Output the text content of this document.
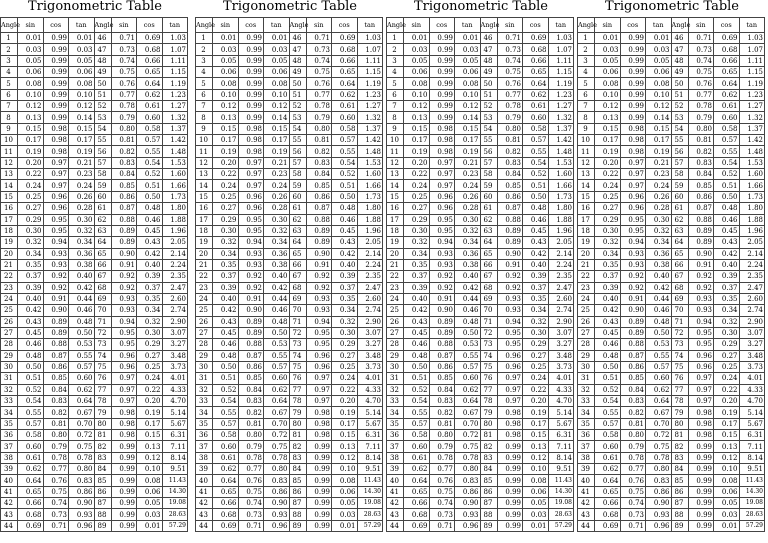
Trigonometric Table
Angle	sin	cos	tan	Angle	sin	cos	tan
1	0.01	0.99	0.01	46	0.71	0.69	1.03
2	0.03	0.99	0.03	47	0.73	0.68	1.07
3	0.05	0.99	0.05	48	0.74	0.66	1.11
4	0.06	0.99	0.06	49	0.75	0.65	1.15
5	0.08	0.99	0.08	50	0.76	0.64	1.19
6	0.10	0.99	0.10	51	0.77	0.62	1.23
7	0.12	0.99	0.12	52	0.78	0.61	1.27
8	0.13	0.99	0.14	53	0.79	0.60	1.32
9	0.15	0.98	0.15	54	0.80	0.58	1.37
10	0.17	0.98	0.17	55	0.81	0.57	1.42
11	0.19	0.98	0.19	56	0.82	0.55	1.48
12	0.20	0.97	0.21	57	0.83	0.54	1.53
13	0.22	0.97	0.23	58	0.84	0.52	1.60
14	0.24	0.97	0.24	59	0.85	0.51	1.66
15	0.25	0.96	0.26	60	0.86	0.50	1.73
16	0.27	0.96	0.28	61	0.87	0.48	1.80
17	0.29	0.95	0.30	62	0.88	0.46	1.88
18	0.30	0.95	0.32	63	0.89	0.45	1.96
19	0.32	0.94	0.34	64	0.89	0.43	2.05
20	0.34	0.93	0.36	65	0.90	0.42	2.14
21	0.35	0.93	0.38	66	0.91	0.40	2.24
22	0.37	0.92	0.40	67	0.92	0.39	2.35
23	0.39	0.92	0.42	68	0.92	0.37	2.47
24	0.40	0.91	0.44	69	0.93	0.35	2.60
25	0.42	0.90	0.46	70	0.93	0.34	2.74
26	0.43	0.89	0.48	71	0.94	0.32	2.90
27	0.45	0.89	0.50	72	0.95	0.30	3.07
28	0.46	0.88	0.53	73	0.95	0.29	3.27
29	0.48	0.87	0.55	74	0.96	0.27	3.48
30	0.50	0.86	0.57	75	0.96	0.25	3.73
31	0.51	0.85	0.60	76	0.97	0.24	4.01
32	0.52	0.84	0.62	77	0.97	0.22	4.33
33	0.54	0.83	0.64	78	0.97	0.20	4.70
34	0.55	0.82	0.67	79	0.98	0.19	5.14
35	0.57	0.81	0.70	80	0.98	0.17	5.67
36	0.58	0.80	0.72	81	0.98	0.15	6.31
37	0.60	0.79	0.75	82	0.99	0.13	7.11
38	0.61	0.78	0.78	83	0.99	0.12	8.14
39	0.62	0.77	0.80	84	0.99	0.10	9.51
40	0.64	0.76	0.83	85	0.99	0.08	11.43
41	0.65	0.75	0.86	86	0.99	0.06	14.30
42	0.66	0.74	0.90	87	0.99	0.05	19.08
43	0.68	0.73	0.93	88	0.99	0.03	28.63
44	0.69	0.71	0.96	89	0.99	0.01	57.29
Trigonometric Table
Angle	sin	cos	tan	Angle	sin	cos	tan
1	0.01	0.99	0.01	46	0.71	0.69	1.03
2	0.03	0.99	0.03	47	0.73	0.68	1.07
3	0.05	0.99	0.05	48	0.74	0.66	1.11
4	0.06	0.99	0.06	49	0.75	0.65	1.15
5	0.08	0.99	0.08	50	0.76	0.64	1.19
6	0.10	0.99	0.10	51	0.77	0.62	1.23
7	0.12	0.99	0.12	52	0.78	0.61	1.27
8	0.13	0.99	0.14	53	0.79	0.60	1.32
9	0.15	0.98	0.15	54	0.80	0.58	1.37
10	0.17	0.98	0.17	55	0.81	0.57	1.42
11	0.19	0.98	0.19	56	0.82	0.55	1.48
12	0.20	0.97	0.21	57	0.83	0.54	1.53
13	0.22	0.97	0.23	58	0.84	0.52	1.60
14	0.24	0.97	0.24	59	0.85	0.51	1.66
15	0.25	0.96	0.26	60	0.86	0.50	1.73
16	0.27	0.96	0.28	61	0.87	0.48	1.80
17	0.29	0.95	0.30	62	0.88	0.46	1.88
18	0.30	0.95	0.32	63	0.89	0.45	1.96
19	0.32	0.94	0.34	64	0.89	0.43	2.05
20	0.34	0.93	0.36	65	0.90	0.42	2.14
21	0.35	0.93	0.38	66	0.91	0.40	2.24
22	0.37	0.92	0.40	67	0.92	0.39	2.35
23	0.39	0.92	0.42	68	0.92	0.37	2.47
24	0.40	0.91	0.44	69	0.93	0.35	2.60
25	0.42	0.90	0.46	70	0.93	0.34	2.74
26	0.43	0.89	0.48	71	0.94	0.32	2.90
27	0.45	0.89	0.50	72	0.95	0.30	3.07
28	0.46	0.88	0.53	73	0.95	0.29	3.27
29	0.48	0.87	0.55	74	0.96	0.27	3.48
30	0.50	0.86	0.57	75	0.96	0.25	3.73
31	0.51	0.85	0.60	76	0.97	0.24	4.01
32	0.52	0.84	0.62	77	0.97	0.22	4.33
33	0.54	0.83	0.64	78	0.97	0.20	4.70
34	0.55	0.82	0.67	79	0.98	0.19	5.14
35	0.57	0.81	0.70	80	0.98	0.17	5.67
36	0.58	0.80	0.72	81	0.98	0.15	6.31
37	0.60	0.79	0.75	82	0.99	0.13	7.11
38	0.61	0.78	0.78	83	0.99	0.12	8.14
39	0.62	0.77	0.80	84	0.99	0.10	9.51
40	0.64	0.76	0.83	85	0.99	0.08	11.43
41	0.65	0.75	0.86	86	0.99	0.06	14.30
42	0.66	0.74	0.90	87	0.99	0.05	19.08
43	0.68	0.73	0.93	88	0.99	0.03	28.63
44	0.69	0.71	0.96	89	0.99	0.01	57.29
Trigonometric Table
Angle	sin	cos	tan	Angle	sin	cos	tan
1	0.01	0.99	0.01	46	0.71	0.69	1.03
2	0.03	0.99	0.03	47	0.73	0.68	1.07
3	0.05	0.99	0.05	48	0.74	0.66	1.11
4	0.06	0.99	0.06	49	0.75	0.65	1.15
5	0.08	0.99	0.08	50	0.76	0.64	1.19
6	0.10	0.99	0.10	51	0.77	0.62	1.23
7	0.12	0.99	0.12	52	0.78	0.61	1.27
8	0.13	0.99	0.14	53	0.79	0.60	1.32
9	0.15	0.98	0.15	54	0.80	0.58	1.37
10	0.17	0.98	0.17	55	0.81	0.57	1.42
11	0.19	0.98	0.19	56	0.82	0.55	1.48
12	0.20	0.97	0.21	57	0.83	0.54	1.53
13	0.22	0.97	0.23	58	0.84	0.52	1.60
14	0.24	0.97	0.24	59	0.85	0.51	1.66
15	0.25	0.96	0.26	60	0.86	0.50	1.73
16	0.27	0.96	0.28	61	0.87	0.48	1.80
17	0.29	0.95	0.30	62	0.88	0.46	1.88
18	0.30	0.95	0.32	63	0.89	0.45	1.96
19	0.32	0.94	0.34	64	0.89	0.43	2.05
20	0.34	0.93	0.36	65	0.90	0.42	2.14
21	0.35	0.93	0.38	66	0.91	0.40	2.24
22	0.37	0.92	0.40	67	0.92	0.39	2.35
23	0.39	0.92	0.42	68	0.92	0.37	2.47
24	0.40	0.91	0.44	69	0.93	0.35	2.60
25	0.42	0.90	0.46	70	0.93	0.34	2.74
26	0.43	0.89	0.48	71	0.94	0.32	2.90
27	0.45	0.89	0.50	72	0.95	0.30	3.07
28	0.46	0.88	0.53	73	0.95	0.29	3.27
29	0.48	0.87	0.55	74	0.96	0.27	3.48
30	0.50	0.86	0.57	75	0.96	0.25	3.73
31	0.51	0.85	0.60	76	0.97	0.24	4.01
32	0.52	0.84	0.62	77	0.97	0.22	4.33
33	0.54	0.83	0.64	78	0.97	0.20	4.70
34	0.55	0.82	0.67	79	0.98	0.19	5.14
35	0.57	0.81	0.70	80	0.98	0.17	5.67
36	0.58	0.80	0.72	81	0.98	0.15	6.31
37	0.60	0.79	0.75	82	0.99	0.13	7.11
38	0.61	0.78	0.78	83	0.99	0.12	8.14
39	0.62	0.77	0.80	84	0.99	0.10	9.51
40	0.64	0.76	0.83	85	0.99	0.08	11.43
41	0.65	0.75	0.86	86	0.99	0.06	14.30
42	0.66	0.74	0.90	87	0.99	0.05	19.08
43	0.68	0.73	0.93	88	0.99	0.03	28.63
44	0.69	0.71	0.96	89	0.99	0.01	57.29
Trigonometric Table
Angle	sin	cos	tan	Angle	sin	cos	tan
1	0.01	0.99	0.01	46	0.71	0.69	1.03
2	0.03	0.99	0.03	47	0.73	0.68	1.07
3	0.05	0.99	0.05	48	0.74	0.66	1.11
4	0.06	0.99	0.06	49	0.75	0.65	1.15
5	0.08	0.99	0.08	50	0.76	0.64	1.19
6	0.10	0.99	0.10	51	0.77	0.62	1.23
7	0.12	0.99	0.12	52	0.78	0.61	1.27
8	0.13	0.99	0.14	53	0.79	0.60	1.32
9	0.15	0.98	0.15	54	0.80	0.58	1.37
10	0.17	0.98	0.17	55	0.81	0.57	1.42
11	0.19	0.98	0.19	56	0.82	0.55	1.48
12	0.20	0.97	0.21	57	0.83	0.54	1.53
13	0.22	0.97	0.23	58	0.84	0.52	1.60
14	0.24	0.97	0.24	59	0.85	0.51	1.66
15	0.25	0.96	0.26	60	0.86	0.50	1.73
16	0.27	0.96	0.28	61	0.87	0.48	1.80
17	0.29	0.95	0.30	62	0.88	0.46	1.88
18	0.30	0.95	0.32	63	0.89	0.45	1.96
19	0.32	0.94	0.34	64	0.89	0.43	2.05
20	0.34	0.93	0.36	65	0.90	0.42	2.14
21	0.35	0.93	0.38	66	0.91	0.40	2.24
22	0.37	0.92	0.40	67	0.92	0.39	2.35
23	0.39	0.92	0.42	68	0.92	0.37	2.47
24	0.40	0.91	0.44	69	0.93	0.35	2.60
25	0.42	0.90	0.46	70	0.93	0.34	2.74
26	0.43	0.89	0.48	71	0.94	0.32	2.90
27	0.45	0.89	0.50	72	0.95	0.30	3.07
28	0.46	0.88	0.53	73	0.95	0.29	3.27
29	0.48	0.87	0.55	74	0.96	0.27	3.48
30	0.50	0.86	0.57	75	0.96	0.25	3.73
31	0.51	0.85	0.60	76	0.97	0.24	4.01
32	0.52	0.84	0.62	77	0.97	0.22	4.33
33	0.54	0.83	0.64	78	0.97	0.20	4.70
34	0.55	0.82	0.67	79	0.98	0.19	5.14
35	0.57	0.81	0.70	80	0.98	0.17	5.67
36	0.58	0.80	0.72	81	0.98	0.15	6.31
37	0.60	0.79	0.75	82	0.99	0.13	7.11
38	0.61	0.78	0.78	83	0.99	0.12	8.14
39	0.62	0.77	0.80	84	0.99	0.10	9.51
40	0.64	0.76	0.83	85	0.99	0.08	11.43
41	0.65	0.75	0.86	86	0.99	0.06	14.30
42	0.66	0.74	0.90	87	0.99	0.05	19.08
43	0.68	0.73	0.93	88	0.99	0.03	28.63
44	0.69	0.71	0.96	89	0.99	0.01	57.29
